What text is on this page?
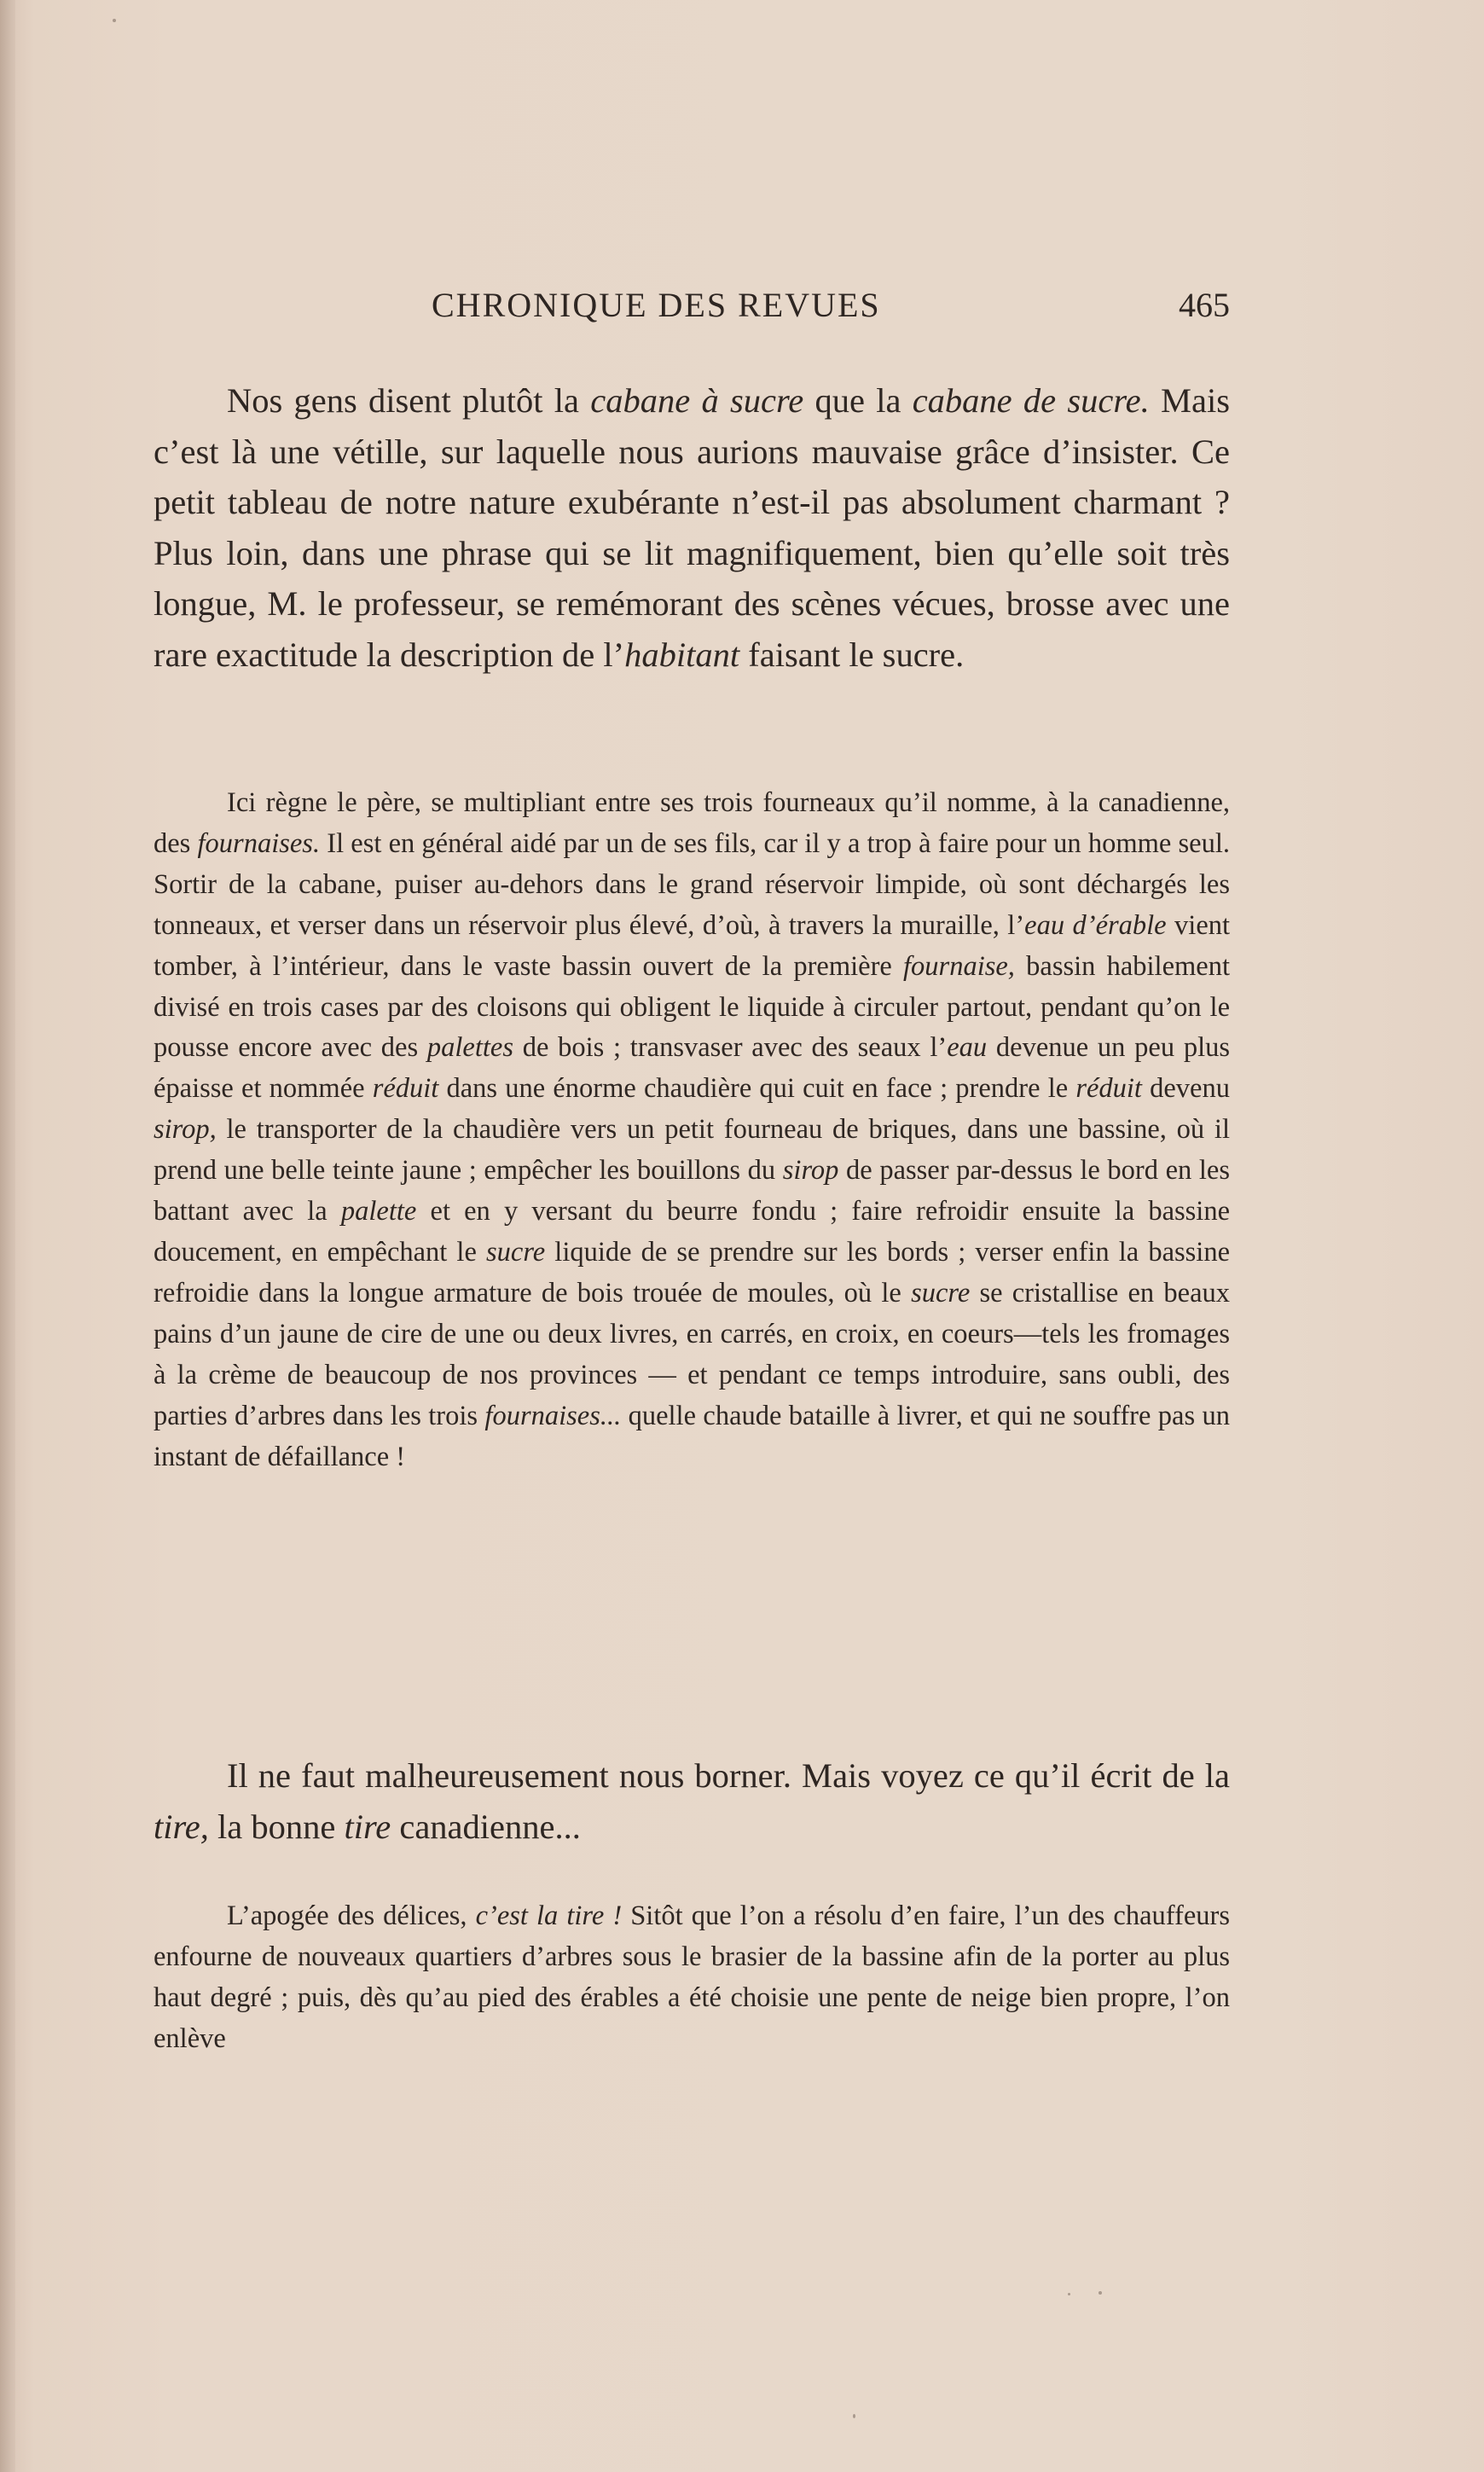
CHRONIQUE DES REVUES	465

Nos gens disent plutôt la cabane à sucre que la cabane de sucre. Mais c’est là une vétille, sur laquelle nous aurions mauvaise grâce d’insister. Ce petit tableau de notre nature exubérante n’est-il pas absolument charmant ? Plus loin, dans une phrase qui se lit magnifiquement, bien qu’elle soit très longue, M. le professeur, se remémorant des scènes vécues, brosse avec une rare exactitude la description de l’habitant faisant le sucre.

Ici règne le père, se multipliant entre ses trois fourneaux qu’il nomme, à la canadienne, des fournaises. Il est en général aidé par un de ses fils, car il y a trop à faire pour un homme seul. Sortir de la cabane, puiser au-dehors dans le grand réservoir limpide, où sont déchargés les tonneaux, et verser dans un réservoir plus élevé, d’où, à travers la muraille, l’eau d’érable vient tomber, à l’intérieur, dans le vaste bassin ouvert de la première fournaise, bassin habilement divisé en trois cases par des cloisons qui obligent le liquide à circuler partout, pendant qu’on le pousse encore avec des palettes de bois ; transvaser avec des seaux l’eau devenue un peu plus épaisse et nommée réduit dans une énorme chaudière qui cuit en face ; prendre le réduit devenu sirop, le transporter de la chaudière vers un petit fourneau de briques, dans une bassine, où il prend une belle teinte jaune ; empêcher les bouillons du sirop de passer par-dessus le bord en les battant avec la palette et en y versant du beurre fondu ; faire refroidir ensuite la bassine doucement, en empêchant le sucre liquide de se prendre sur les bords ; verser enfin la bassine refroidie dans la longue armature de bois trouée de moules, où le sucre se cristallise en beaux pains d’un jaune de cire de une ou deux livres, en carrés, en croix, en coeurs—tels les fromages à la crème de beaucoup de nos provinces — et pendant ce temps introduire, sans oubli, des parties d’arbres dans les trois fournaises... quelle chaude bataille à livrer, et qui ne souffre pas un instant de défaillance !

Il ne faut malheureusement nous borner. Mais voyez ce qu’il écrit de la tire, la bonne tire canadienne...

L’apogée des délices, c’est la tire ! Sitôt que l’on a résolu d’en faire, l’un des chauffeurs enfourne de nouveaux quartiers d’arbres sous le brasier de la bassine afin de la porter au plus haut degré ; puis, dès qu’au pied des érables a été choisie une pente de neige bien propre, l’on enlève
